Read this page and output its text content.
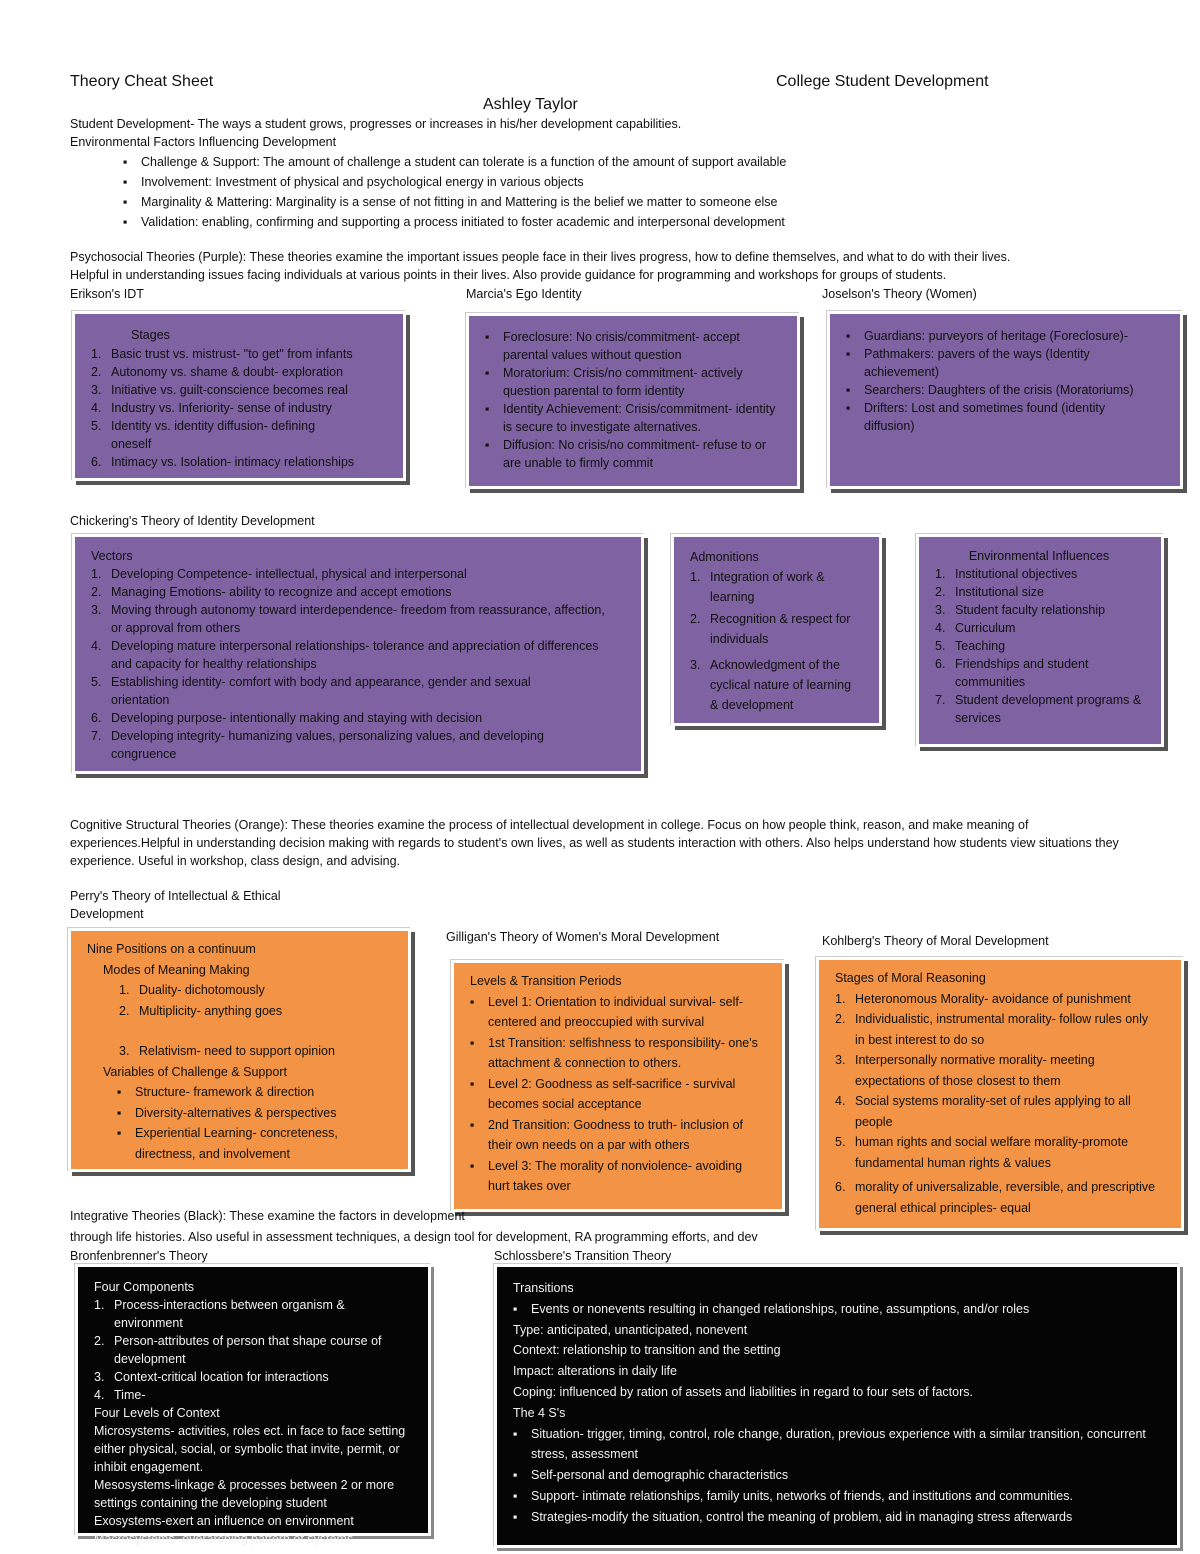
Theory Cheat Sheet	College Student Development
Ashley Taylor
Student Development- The ways a student grows, progresses or increases in his/her development capabilities.
Environmental Factors Influencing Development
▪ Challenge & Support: The amount of challenge a student can tolerate is a function of the amount of support available
▪ Involvement: Investment of physical and psychological energy in various objects
▪ Marginality & Mattering: Marginality is a sense of not fitting in and Mattering is the belief we matter to someone else
▪ Validation: enabling, confirming and supporting a process initiated to foster academic and interpersonal development
Psychosocial Theories (Purple): These theories examine the important issues people face in their lives progress, how to define themselves, and what to do with their lives.
Helpful in understanding issues facing individuals at various points in their lives. Also provide guidance for programming and workshops for groups of students.
Erikson's IDT	Marcia's Ego Identity	Joselson's Theory (Women)
Stages
Basic trust vs. mistrust- "to get" from infants
Autonomy vs. shame & doubt- exploration
Initiative vs. guilt-conscience becomes real
Industry vs. Inferiority- sense of industry
Identity vs. identity diffusion- defining oneself
Intimacy vs. Isolation- intimacy relationships
▪ Foreclosure: No crisis/commitment- accept parental values without question
▪ Moratorium: Crisis/no commitment- actively question parental to form identity
▪ Identity Achievement: Crisis/commitment- identity is secure to investigate alternatives.
▪ Diffusion: No crisis/no commitment- refuse to or are unable to firmly commit
▪ Guardians: purveyors of heritage (Foreclosure)-
▪ Pathmakers: pavers of the ways (Identity achievement)
▪ Searchers: Daughters of the crisis (Moratoriums)
▪ Drifters: Lost and sometimes found (identity diffusion)
Chickering's Theory of Identity Development
Vectors
Developing Competence- intellectual, physical and interpersonal
Managing Emotions- ability to recognize and accept emotions
Moving through autonomy toward interdependence- freedom from reassurance, affection, or approval from others
Developing mature interpersonal relationships- tolerance and appreciation of differences and capacity for healthy relationships
Establishing identity- comfort with body and appearance, gender and sexual orientation
Developing purpose- intentionally making and staying with decision
Developing integrity- humanizing values, personalizing values, and developing congruence
Admonitions
Integration of work & learning
Recognition & respect for individuals
Acknowledgment of the cyclical nature of learning & development
Environmental Influences
Institutional objectives
Institutional size
Student faculty relationship
Curriculum
Teaching
Friendships and student communities
Student development programs & services
Cognitive Structural Theories (Orange): These theories examine the process of intellectual development in college. Focus on how people think, reason, and make meaning of experiences.Helpful in understanding decision making with regards to student's own lives, as well as students interaction with others. Also helps understand how students view situations they experience. Useful in workshop, class design, and advising.
Perry's Theory of Intellectual & Ethical Development
Gilligan's Theory of Women's Moral Development	Kohlberg's Theory of Moral Development
Nine Positions on a continuum
Modes of Meaning Making
Duality- dichotomously
Multiplicity- anything goes
Relativism- need to support opinion
Variables of Challenge & Support
▪ Structure- framework & direction
▪ Diversity-alternatives & perspectives
▪ Experiential Learning- concreteness, directness, and involvement
Levels & Transition Periods
▪ Level 1: Orientation to individual survival- self-centered and preoccupied with survival
▪ 1st Transition: selfishness to responsibility- one's attachment & connection to others.
▪ Level 2: Goodness as self-sacrifice - survival becomes social acceptance
▪ 2nd Transition: Goodness to truth- inclusion of their own needs on a par with others
▪ Level 3: The morality of nonviolence- avoiding hurt takes over
Stages of Moral Reasoning
Heteronomous Morality- avoidance of punishment
Individualistic, instrumental morality- follow rules only in best interest to do so
Interpersonally normative morality- meeting expectations of those closest to them
Social systems morality-set of rules applying to all people
human rights and social welfare morality-promote fundamental human rights & values
morality of universalizable, reversible, and prescriptive general ethical principles- equal
Integrative Theories (Black): These examine the factors in development
through life histories. Also useful in assessment techniques, a design tool for development, RA programming efforts, and dev
Bronfenbrenner's Theory	Schlossbere's Transition Theory
Four Components
Process-interactions between organism & environment
Person-attributes of person that shape course of development
Context-critical location for interactions
Time-
Four Levels of Context
Microsystems- activities, roles ect. in face to face setting either physical, social, or symbolic that invite, permit, or inhibit engagement.
Mesosystems-linkage & processes between 2 or more settings containing the developing student
Exosystems-exert an influence on environment
Macrosystems- overarching pattern of systems
Transitions
▪ Events or nonevents resulting in changed relationships, routine, assumptions, and/or roles
Type: anticipated, unanticipated, nonevent
Context: relationship to transition and the setting
Impact: alterations in daily life
Coping: influenced by ration of assets and liabilities in regard to four sets of factors.
The 4 S's
▪ Situation- trigger, timing, control, role change, duration, previous experience with a similar transition, concurrent stress, assessment
▪ Self-personal and demographic characteristics
▪ Support- intimate relationships, family units, networks of friends, and institutions and communities.
▪ Strategies-modify the situation, control the meaning of problem, aid in managing stress afterwards
